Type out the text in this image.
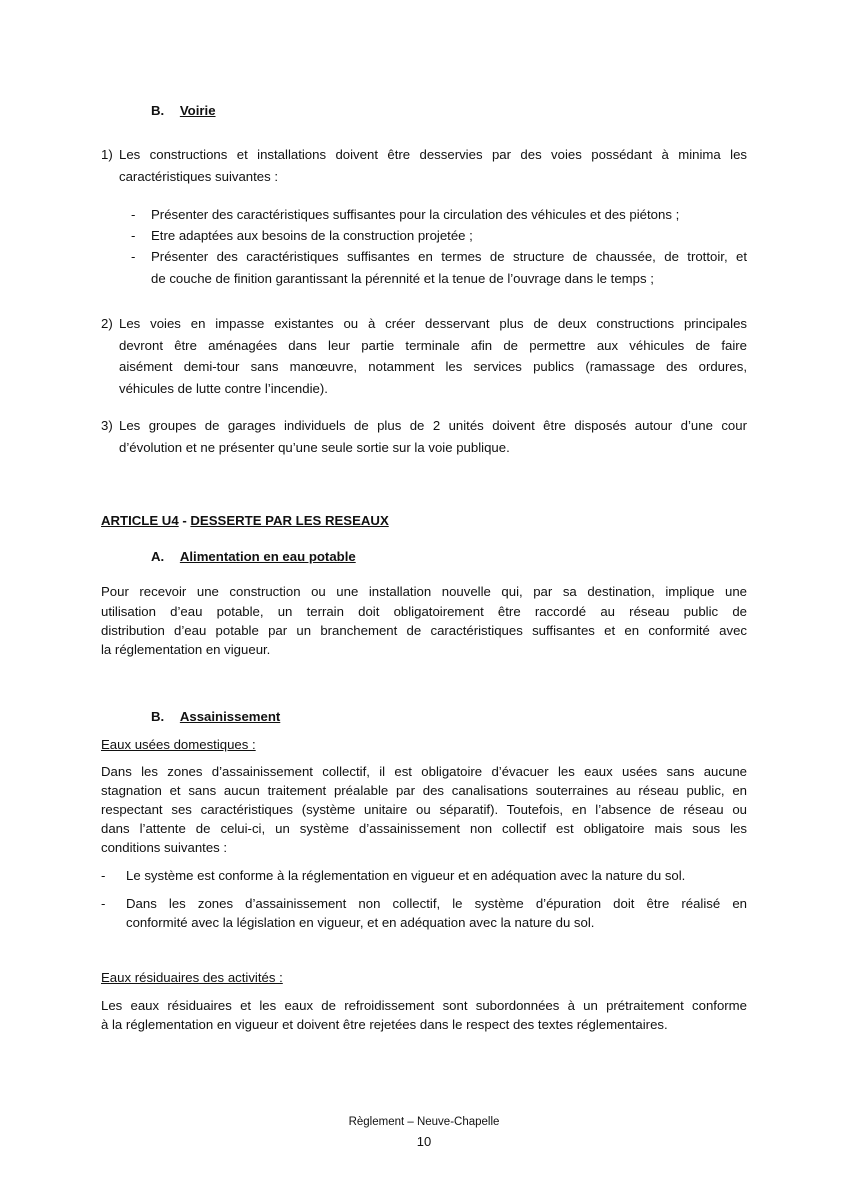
B. Voirie
1) Les constructions et installations doivent être desservies par des voies possédant à minima les
caractéristiques suivantes :
- Présenter des caractéristiques suffisantes pour la circulation des véhicules et des piétons ;
- Etre adaptées aux besoins de la construction projetée ;
- Présenter des caractéristiques suffisantes en termes de structure de chaussée, de trottoir, et
de couche de finition garantissant la pérennité et la tenue de l’ouvrage dans le temps ;
2) Les voies en impasse existantes ou à créer desservant plus de deux constructions principales
devront être aménagées dans leur partie terminale afin de permettre aux véhicules de faire
aisément demi-tour sans manœuvre, notamment les services publics (ramassage des ordures,
véhicules de lutte contre l’incendie).
3) Les groupes de garages individuels de plus de 2 unités doivent être disposés autour d’une cour
d’évolution et ne présenter qu’une seule sortie sur la voie publique.
ARTICLE U4 - DESSERTE PAR LES RESEAUX
A. Alimentation en eau potable
Pour recevoir une construction ou une installation nouvelle qui, par sa destination, implique une
utilisation d’eau potable, un terrain doit obligatoirement être raccordé au réseau public de
distribution d’eau potable par un branchement de caractéristiques suffisantes et en conformité avec
la réglementation en vigueur.
B. Assainissement
Eaux usées domestiques :
Dans les zones d’assainissement collectif, il est obligatoire d’évacuer les eaux usées sans aucune
stagnation et sans aucun traitement préalable par des canalisations souterraines au réseau public, en
respectant ses caractéristiques (système unitaire ou séparatif). Toutefois, en l’absence de réseau ou
dans l’attente de celui-ci, un système d’assainissement non collectif est obligatoire mais sous les
conditions suivantes :
- Le système est conforme à la réglementation en vigueur et en adéquation avec la nature du sol.
- Dans les zones d’assainissement non collectif, le système d’épuration doit être réalisé en
conformité avec la législation en vigueur, et en adéquation avec la nature du sol.
Eaux résiduaires des activités :
Les eaux résiduaires et les eaux de refroidissement sont subordonnées à un prétraitement conforme
à la réglementation en vigueur et doivent être rejetées dans le respect des textes réglementaires.
Règlement – Neuve-Chapelle
10
